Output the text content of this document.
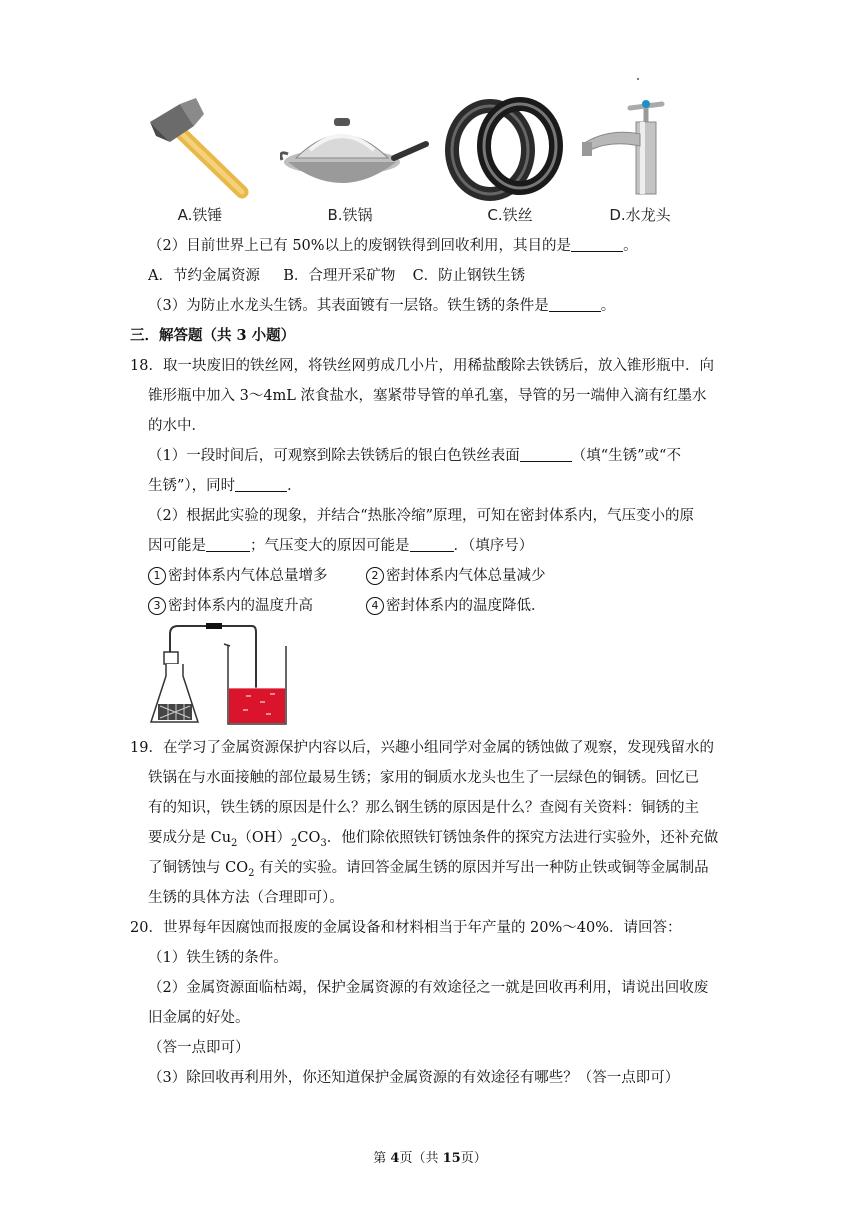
A.铁锤	B.铁锅	C.铁丝	D.水龙头
（2）目前世界上已有 50%以上的废钢铁得到回收利用，其目的是	。
A．节约金属资源 B．合理开采矿物 C．防止钢铁生锈
（3）为防止水龙头生锈。其表面镀有一层铬。铁生锈的条件是	。
三．解答题（共 3 小题）
18．取一块废旧的铁丝网，将铁丝网剪成几小片，用稀盐酸除去铁锈后，放入锥形瓶中．向
锥形瓶中加入 3～4mL 浓食盐水，塞紧带导管的单孔塞，导管的另一端伸入滴有红墨水
的水中．
（1）一段时间后，可观察到除去铁锈后的银白色铁丝表面	（填“生锈”或“不
生锈”），同时	．
（2）根据此实验的现象，并结合“热胀冷缩”原理，可知在密封体系内，气压变小的原
因可能是	；气压变大的原因可能是	．（填序号）
1 密封体系内气体总量增多	2 密封体系内气体总量减少
3 密封体系内的温度升高	4 密封体系内的温度降低．
19．在学习了金属资源保护内容以后，兴趣小组同学对金属的锈蚀做了观察，发现残留水的
铁锅在与水面接触的部位最易生锈；家用的铜质水龙头也生了一层绿色的铜锈。回忆已
有的知识，铁生锈的原因是什么？那么钢生锈的原因是什么？查阅有关资料：铜锈的主
要成分是 $Cu_2(OH)_2CO_3$．他们除依照铁钉锈蚀条件的探究方法进行实验外，还补充做
了铜锈蚀与 $CO_2$ 有关的实验。请回答金属生锈的原因并写出一种防止铁或铜等金属制品
生锈的具体方法（合理即可）。
20．世界每年因腐蚀而报废的金属设备和材料相当于年产量的 20%～40%．请回答：
（1）铁生锈的条件。
（2）金属资源面临枯竭，保护金属资源的有效途径之一就是回收再利用，请说出回收废
旧金属的好处。
（答一点即可）
（3）除回收再利用外，你还知道保护金属资源的有效途径有哪些？（答一点即可）
第 4页（共 15页）
